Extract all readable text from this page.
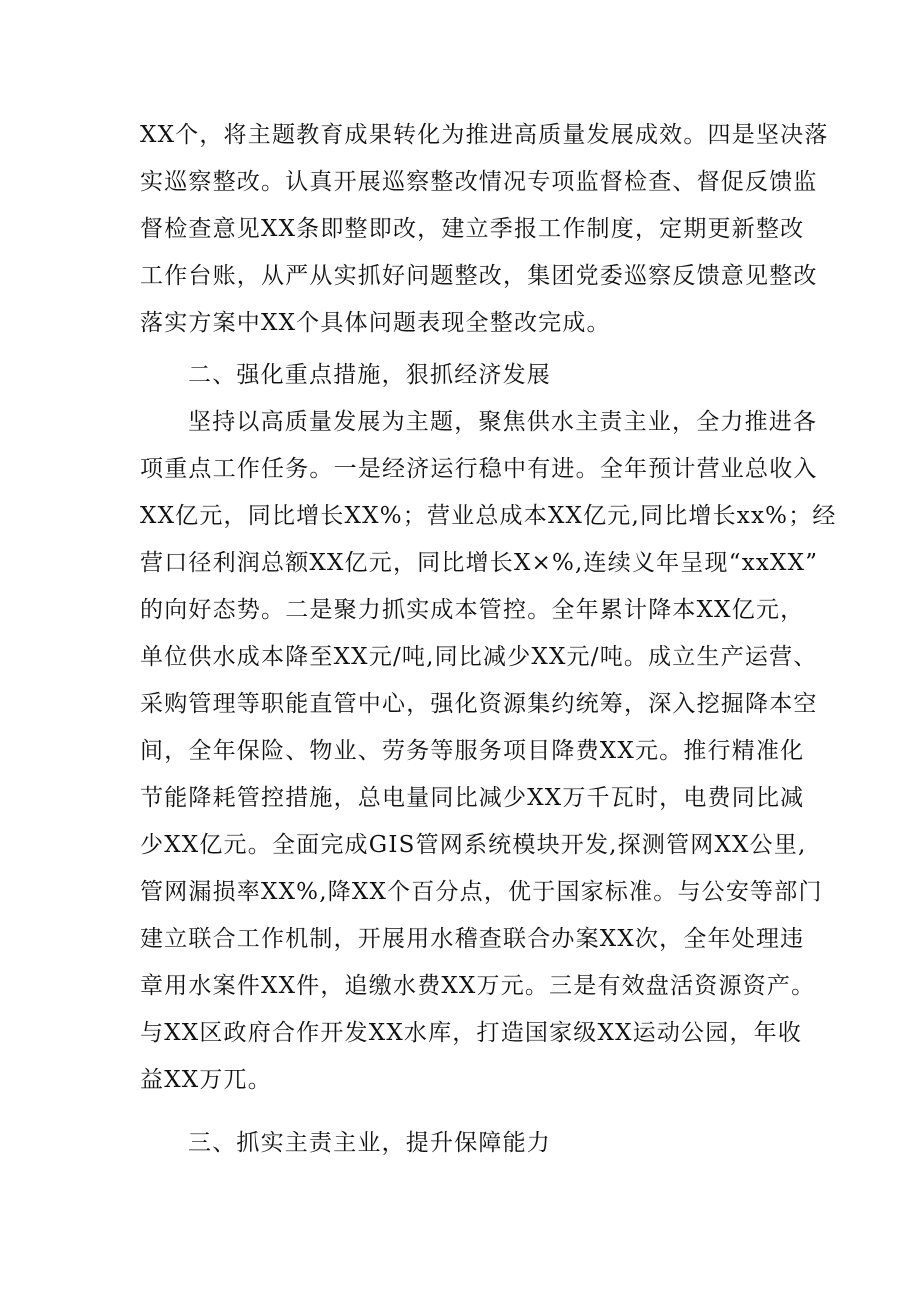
XX个，将主题教育成果转化为推进高质量发展成效。四是坚决落
实巡察整改。认真开展巡察整改情况专项监督检查、督促反馈监
督检查意见XX条即整即改，建立季报工作制度，定期更新整改
工作台账，从严从实抓好问题整改，集团党委巡察反馈意见整改
落实方案中XX个具体问题表现全整改完成。
二、强化重点措施，狠抓经济发展
坚持以高质量发展为主题，聚焦供水主责主业，全力推进各
项重点工作任务。一是经济运行稳中有进。全年预计营业总收入
XX亿元，同比增长XX%；营业总成本XX亿元,同比增长xx%；经
营口径利润总额XX亿元，同比增长X×%,连续义年呈现“xxXX”
的向好态势。二是聚力抓实成本管控。全年累计降本XX亿元，
单位供水成本降至XX元/吨,同比减少XX元/吨。成立生产运营、
采购管理等职能直管中心，强化资源集约统筹，深入挖掘降本空
间，全年保险、物业、劳务等服务项目降费XX元。推行精准化
节能降耗管控措施，总电量同比减少XX万千瓦时，电费同比减
少XX亿元。全面完成GIS管网系统模块开发,探测管网XX公里,
管网漏损率XX%,降XX个百分点，优于国家标准。与公安等部门
建立联合工作机制，开展用水稽查联合办案XX次，全年处理违
章用水案件XX件，追缴水费XX万元。三是有效盘活资源资产。
与XX区政府合作开发XX水库，打造国家级XX运动公园，年收
益XX万兀。
三、抓实主责主业，提升保障能力
